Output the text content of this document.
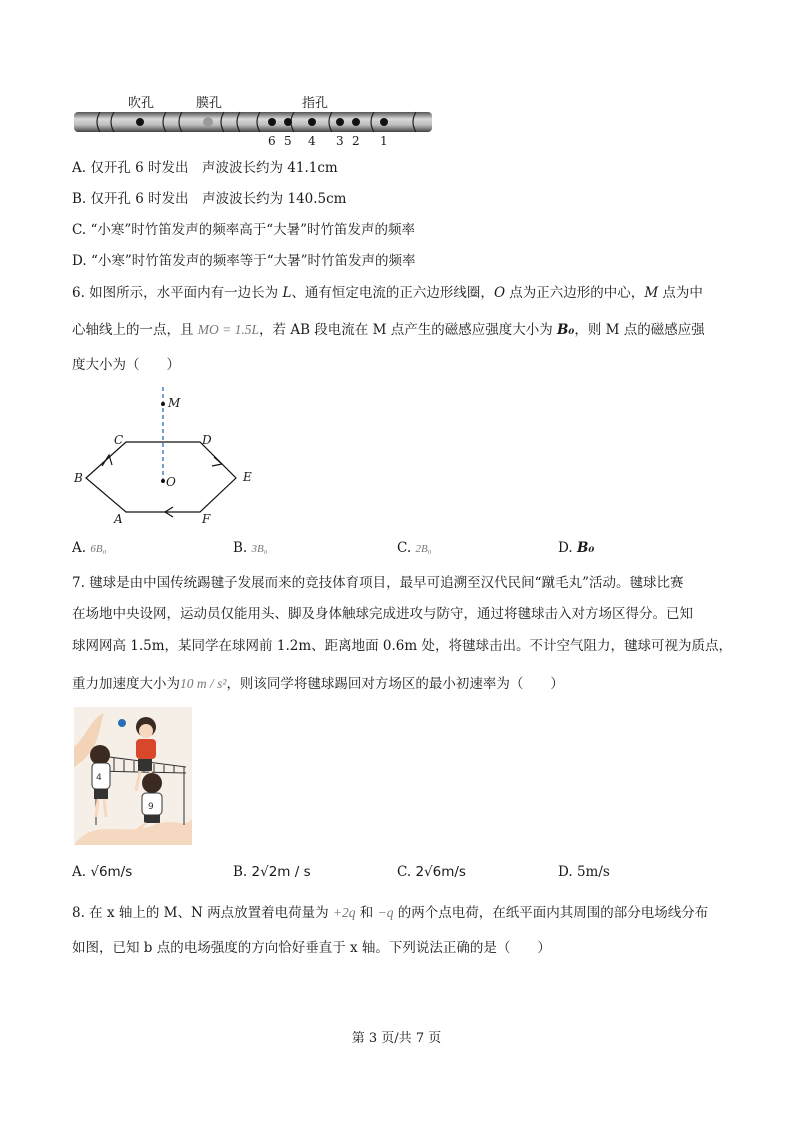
吹孔	膜孔	指孔
6 5 4 3 2 1
A. 仅开孔 6 时发出　声波波长约为 41.1cm
B. 仅开孔 6 时发出　声波波长约为 140.5cm
C. “小寒”时竹笛发声的频率高于“大暑”时竹笛发声的频率
D. “小寒”时竹笛发声的频率等于“大暑”时竹笛发声的频率
6. 如图所示，水平面内有一边长为 L、通有恒定电流的正六边形线圈，O 点为正六边形的中心，M 点为中
心轴线上的一点，且 MO = 1.5L，若 AB 段电流在 M 点产生的磁感应强度大小为 B₀，则 M 点的磁感应强
度大小为（　　）
M
C	D
B	O	E
A	F
A. 6B₀	B. 3B₀	C. 2B₀	D. B₀
7. 毽球是由中国传统踢毽子发展而来的竞技体育项目，最早可追溯至汉代民间“蹴毛丸”活动。毽球比赛
在场地中央设网，运动员仅能用头、脚及身体触球完成进攻与防守，通过将毽球击入对方场区得分。已知
球网网高 1.5m，某同学在球网前 1.2m、距离地面 0.6m 处，将毽球击出。不计空气阻力，毽球可视为质点，
重力加速度大小为10 m / s²，则该同学将毽球踢回对方场区的最小初速率为（　　）
4
9
A. √6m/s	B. 2√2m / s	C. 2√6m/s	D. 5m/s
8. 在 x 轴上的 M、N 两点放置着电荷量为 +2q 和 −q 的两个点电荷，在纸平面内其周围的部分电场线分布
如图，已知 b 点的电场强度的方向恰好垂直于 x 轴。下列说法正确的是（　　）
第 3 页/共 7 页
